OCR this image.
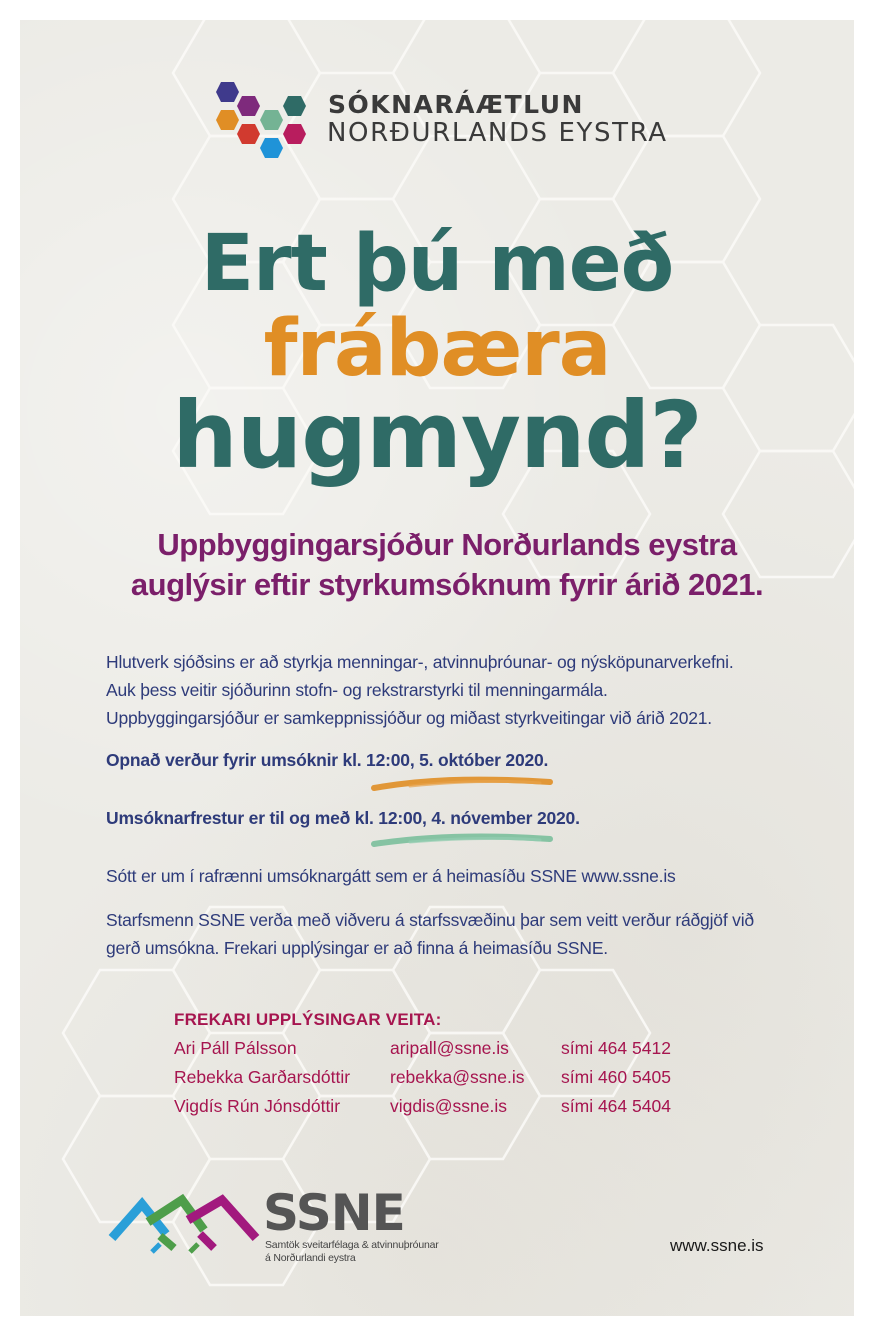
SÓKNARÁÆTLUN
NORÐURLANDS EYSTRA
Ert þú með
frábæra
hugmynd?
Uppbyggingarsjóður Norðurlands eystra
auglýsir eftir styrkumsóknum fyrir árið 2021.
Hlutverk sjóðsins er að styrkja menningar-, atvinnuþróunar- og nýsköpunarverkefni.
Auk þess veitir sjóðurinn stofn- og rekstrarstyrki til menningarmála.
Uppbyggingarsjóður er samkeppnissjóður og miðast styrkveitingar við árið 2021.
Opnað verður fyrir umsóknir kl. 12:00, 5. október 2020.
Umsóknarfrestur er til og með kl. 12:00, 4. nóvember 2020.
Sótt er um í rafrænni umsóknargátt sem er á heimasíðu SSNE www.ssne.is
Starfsmenn SSNE verða með viðveru á starfssvæðinu þar sem veitt verður ráðgjöf við
gerð umsókna. Frekari upplýsingar er að finna á heimasíðu SSNE.
FREKARI UPPLÝSINGAR VEITA:
Ari Páll Pálsson	aripall@ssne.is	sími 464 5412
Rebekka Garðarsdóttir rebekka@ssne.is sími 460 5405
Vigdís Rún Jónsdóttir	vigdis@ssne.is	sími 464 5404
SSNE
Samtök sveitarfélaga & atvinnuþróunar
á Norðurlandi eystra
www.ssne.is
